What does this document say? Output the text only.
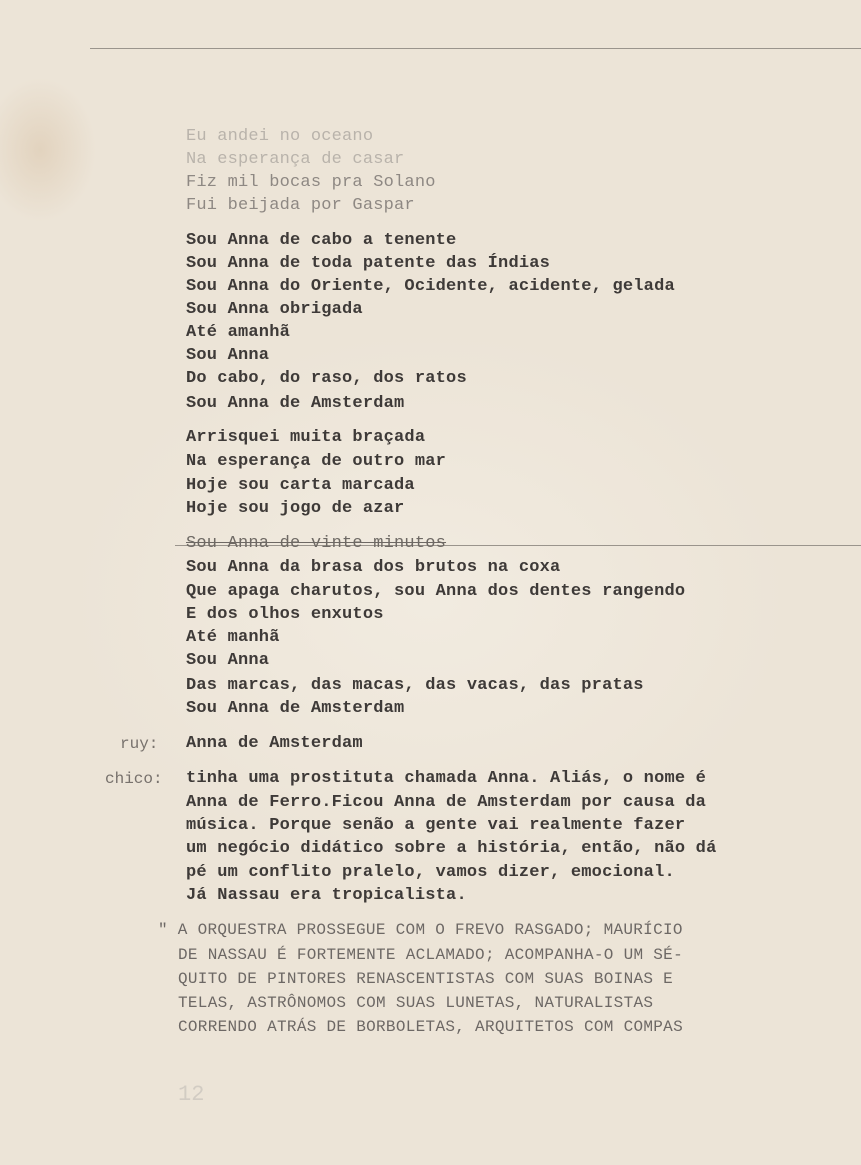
Eu andei no oceano
Na esperança de casar
Fiz mil bocas pra Solano
Fui beijada por Gaspar
Sou Anna de cabo a tenente
Sou Anna de toda patente das Índias
Sou Anna do Oriente, Ocidente, acidente, gelada
Sou Anna obrigada
Até amanhã
Sou Anna
Do cabo, do raso, dos ratos
Sou Anna de Amsterdam
Arrisquei muita braçada
Na esperança de outro mar
Hoje sou carta marcada
Hoje sou jogo de azar
Sou Anna de vinte minutos
Sou Anna da brasa dos brutos na coxa
Que apaga charutos, sou Anna dos dentes rangendo
E dos olhos enxutos
Até manhã
Sou Anna
Das marcas, das macas, das vacas, das pratas
Sou Anna de Amsterdam
ruy: Anna de Amsterdam
chico: tinha uma prostituta chamada Anna. Aliás, o nome é
Anna de Ferro.Ficou Anna de Amsterdam por causa da
música. Porque senão a gente vai realmente fazer
um negócio didático sobre a história, então, não dá
pé um conflito pralelo, vamos dizer, emocional.
Já Nassau era tropicalista.
" A ORQUESTRA PROSSEGUE COM O FREVO RASGADO; MAURÍCIO
DE NASSAU É FORTEMENTE ACLAMADO; ACOMPANHA-O UM SÉ-
QUITO DE PINTORES RENASCENTISTAS COM SUAS BOINAS E
TELAS, ASTRÔNOMOS COM SUAS LUNETAS, NATURALISTAS
CORRENDO ATRÁS DE BORBOLETAS, ARQUITETOS COM COMPAS
12
